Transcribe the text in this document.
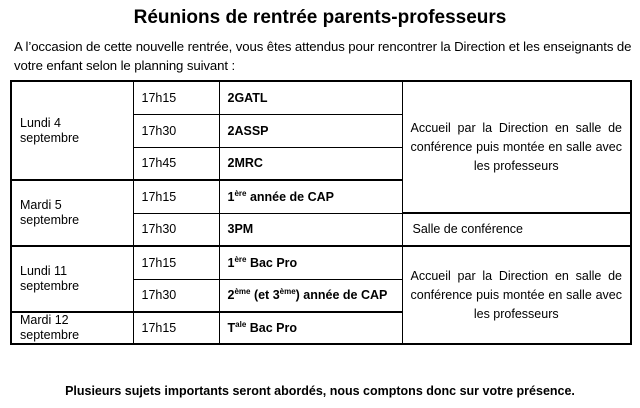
Réunions de rentrée parents-professeurs
A l’occasion de cette nouvelle rentrée, vous êtes attendus pour rencontrer la Direction et les enseignants de votre enfant selon le planning suivant :
Lundi 4
septembre	17h15	2GATL	Accueil par la Direction en salle de conférence puis montée en salle avec les professeurs
	17h30	2ASSP	
	17h45	2MRC	
Mardi 5
septembre	17h15	1ère année de CAP	
	17h30	3PM	Salle de conférence
Lundi 11
septembre	17h15	1ère Bac Pro	Accueil par la Direction en salle de conférence puis montée en salle avec les professeurs
	17h30	2ème (et 3ème) année de CAP	
Mardi 12
septembre	17h15	$T^{ale}$ Bac Pro	
Plusieurs sujets importants seront abordés, nous comptons donc sur votre présence.
